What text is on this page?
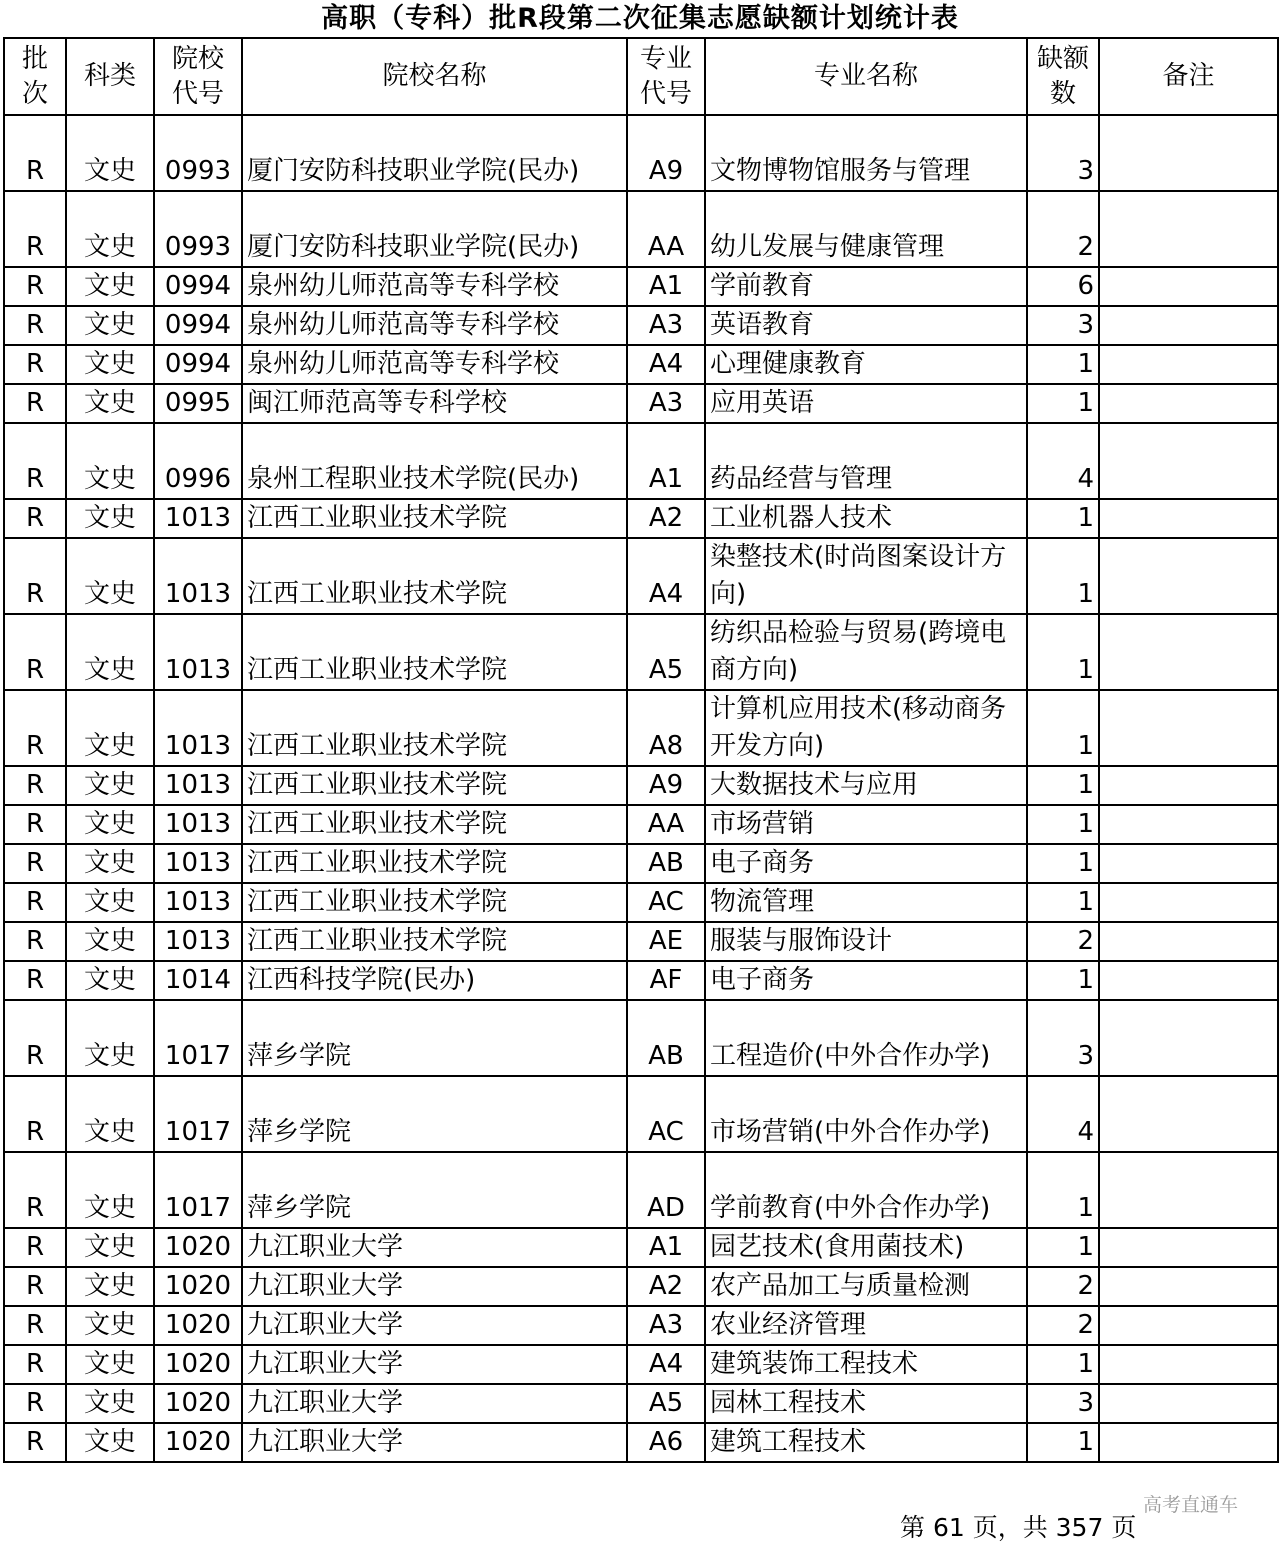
高职（专科）批R段第二次征集志愿缺额计划统计表
批次	科类	院校代号	院校名称	专业代号	专业名称	缺额数	备注
R	文史	0993	厦门安防科技职业学院(民办)	A9	文物博物馆服务与管理	3	
R	文史	0993	厦门安防科技职业学院(民办)	AA	幼儿发展与健康管理	2	
R	文史	0994	泉州幼儿师范高等专科学校	A1	学前教育	6	
R	文史	0994	泉州幼儿师范高等专科学校	A3	英语教育	3	
R	文史	0994	泉州幼儿师范高等专科学校	A4	心理健康教育	1	
R	文史	0995	闽江师范高等专科学校	A3	应用英语	1	
R	文史	0996	泉州工程职业技术学院(民办)	A1	药品经营与管理	4	
R	文史	1013	江西工业职业技术学院	A2	工业机器人技术	1	
R	文史	1013	江西工业职业技术学院	A4	染整技术(时尚图案设计方向)	1	
R	文史	1013	江西工业职业技术学院	A5	纺织品检验与贸易(跨境电商方向)	1	
R	文史	1013	江西工业职业技术学院	A8	计算机应用技术(移动商务开发方向)	1	
R	文史	1013	江西工业职业技术学院	A9	大数据技术与应用	1	
R	文史	1013	江西工业职业技术学院	AA	市场营销	1	
R	文史	1013	江西工业职业技术学院	AB	电子商务	1	
R	文史	1013	江西工业职业技术学院	AC	物流管理	1	
R	文史	1013	江西工业职业技术学院	AE	服装与服饰设计	2	
R	文史	1014	江西科技学院(民办)	AF	电子商务	1	
R	文史	1017	萍乡学院	AB	工程造价(中外合作办学)	3	
R	文史	1017	萍乡学院	AC	市场营销(中外合作办学)	4	
R	文史	1017	萍乡学院	AD	学前教育(中外合作办学)	1	
R	文史	1020	九江职业大学	A1	园艺技术(食用菌技术)	1	
R	文史	1020	九江职业大学	A2	农产品加工与质量检测	2	
R	文史	1020	九江职业大学	A3	农业经济管理	2	
R	文史	1020	九江职业大学	A4	建筑装饰工程技术	1	
R	文史	1020	九江职业大学	A5	园林工程技术	3	
R	文史	1020	九江职业大学	A6	建筑工程技术	1	
高考直通车
第 61 页，共 357 页
